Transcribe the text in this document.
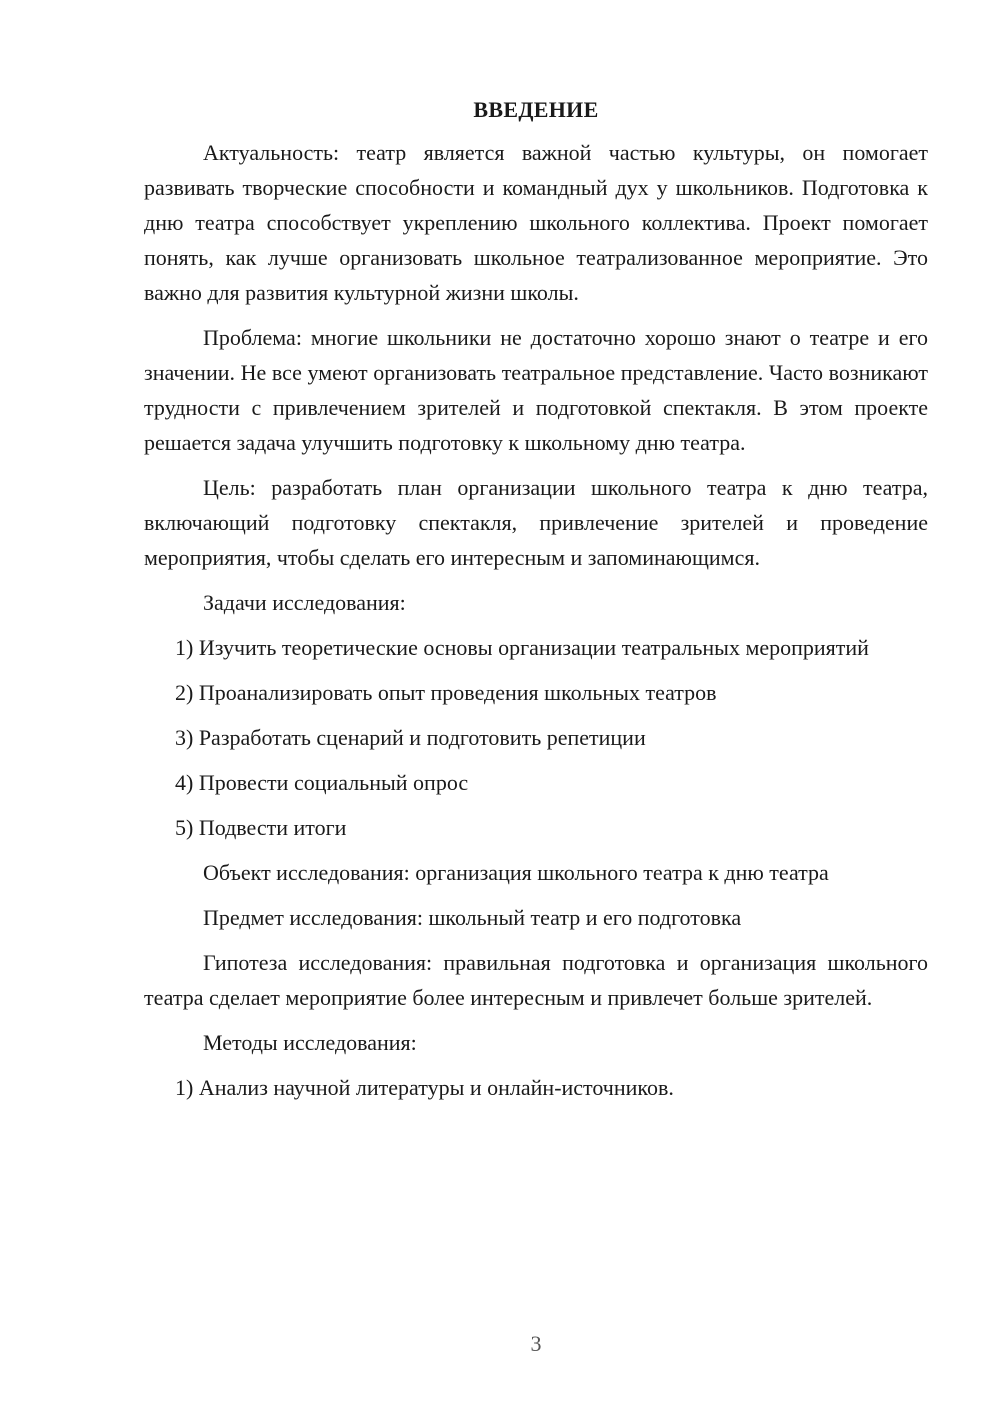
ВВЕДЕНИЕ

Актуальность: театр является важной частью культуры, он помогает развивать творческие способности и командный дух у школьников. Подготовка к дню театра способствует укреплению школьного коллектива. Проект помогает понять, как лучше организовать школьное театрализованное мероприятие. Это важно для развития культурной жизни школы.

Проблема: многие школьники не достаточно хорошо знают о театре и его значении. Не все умеют организовать театральное представление. Часто возникают трудности с привлечением зрителей и подготовкой спектакля. В этом проекте решается задача улучшить подготовку к школьному дню театра.

Цель: разработать план организации школьного театра к дню театра, включающий подготовку спектакля, привлечение зрителей и проведение мероприятия, чтобы сделать его интересным и запоминающимся.

Задачи исследования:

1) Изучить теоретические основы организации театральных мероприятий

2) Проанализировать опыт проведения школьных театров

3) Разработать сценарий и подготовить репетиции

4) Провести социальный опрос

5) Подвести итоги

Объект исследования: организация школьного театра к дню театра

Предмет исследования: школьный театр и его подготовка

Гипотеза исследования: правильная подготовка и организация школьного театра сделает мероприятие более интересным и привлечет больше зрителей.

Методы исследования:

1) Анализ научной литературы и онлайн-источников.

3
